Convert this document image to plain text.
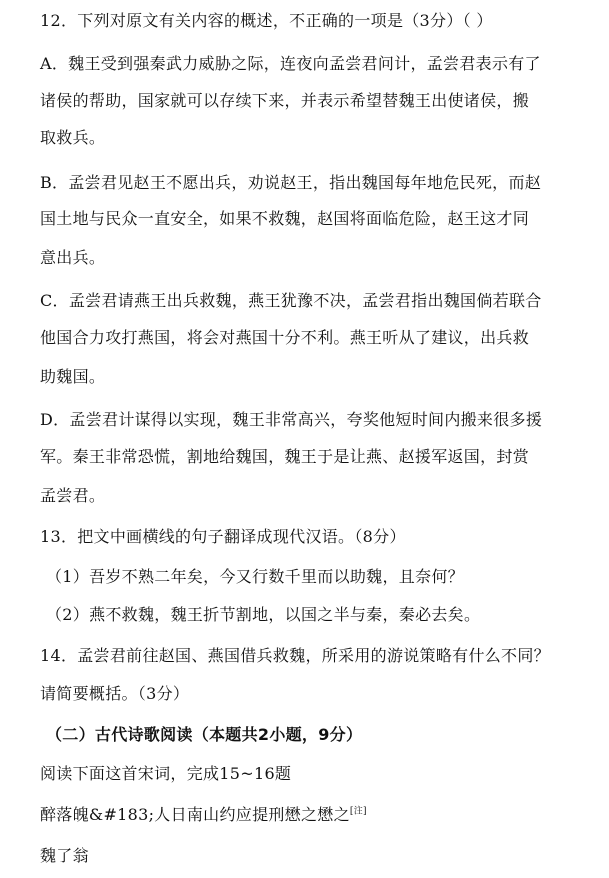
12．下列对原文有关内容的概述，不正确的一项是（3分）（ ）
A．魏王受到强秦武力威胁之际，连夜向孟尝君问计，孟尝君表示有了
诸侯的帮助，国家就可以存续下来，并表示希望替魏王出使诸侯，搬
取救兵。
B．孟尝君见赵王不愿出兵，劝说赵王，指出魏国每年地危民死，而赵
国土地与民众一直安全，如果不救魏，赵国将面临危险，赵王这才同
意出兵。
C．孟尝君请燕王出兵救魏，燕王犹豫不决，孟尝君指出魏国倘若联合
他国合力攻打燕国，将会对燕国十分不利。燕王听从了建议，出兵救
助魏国。
D．孟尝君计谋得以实现，魏王非常高兴，夸奖他短时间内搬来很多援
军。秦王非常恐慌，割地给魏国，魏王于是让燕、赵援军返国，封赏
孟尝君。
13．把文中画横线的句子翻译成现代汉语。（8分）
（1）吾岁不熟二年矣，今又行数千里而以助魏，且奈何？
（2）燕不救魏，魏王折节割地，以国之半与秦，秦必去矣。
14．孟尝君前往赵国、燕国借兵救魏，所采用的游说策略有什么不同？
请简要概括。（3分）
（二）古代诗歌阅读（本题共2小题，9分）
阅读下面这首宋词，完成15~16题
醉落魄&#183;人日南山约应提刑懋之懋之[注]
魏了翁
